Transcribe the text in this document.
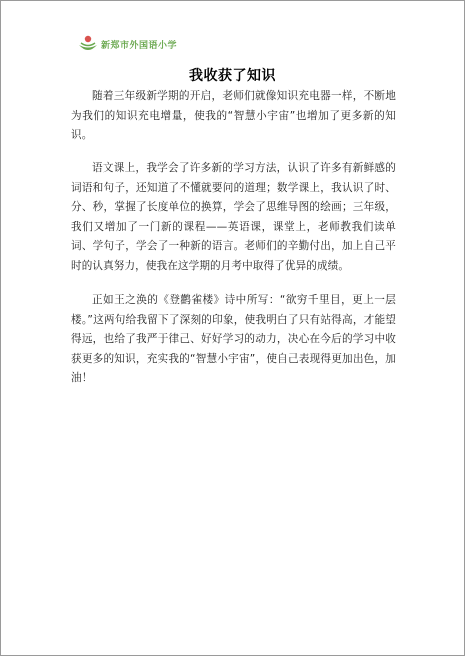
新郑市外国语小学
我收获了知识

随着三年级新学期的开启，老师们就像知识充电器一样，不断地为我们的知识充电增量，使我的“智慧小宇宙”也增加了更多新的知识。

语文课上，我学会了许多新的学习方法，认识了许多有新鲜感的词语和句子，还知道了不懂就要问的道理；数学课上，我认识了时、分、秒，掌握了长度单位的换算，学会了思维导图的绘画；三年级，我们又增加了一门新的课程——英语课，课堂上，老师教我们读单词、学句子，学会了一种新的语言。老师们的辛勤付出，加上自己平时的认真努力，使我在这学期的月考中取得了优异的成绩。

正如王之涣的《登鹳雀楼》诗中所写：“欲穷千里目，更上一层楼。”这两句给我留下了深刻的印象，使我明白了只有站得高，才能望得远，也给了我严于律己、好好学习的动力，决心在今后的学习中收获更多的知识，充实我的“智慧小宇宙”，使自己表现得更加出色，加油！
